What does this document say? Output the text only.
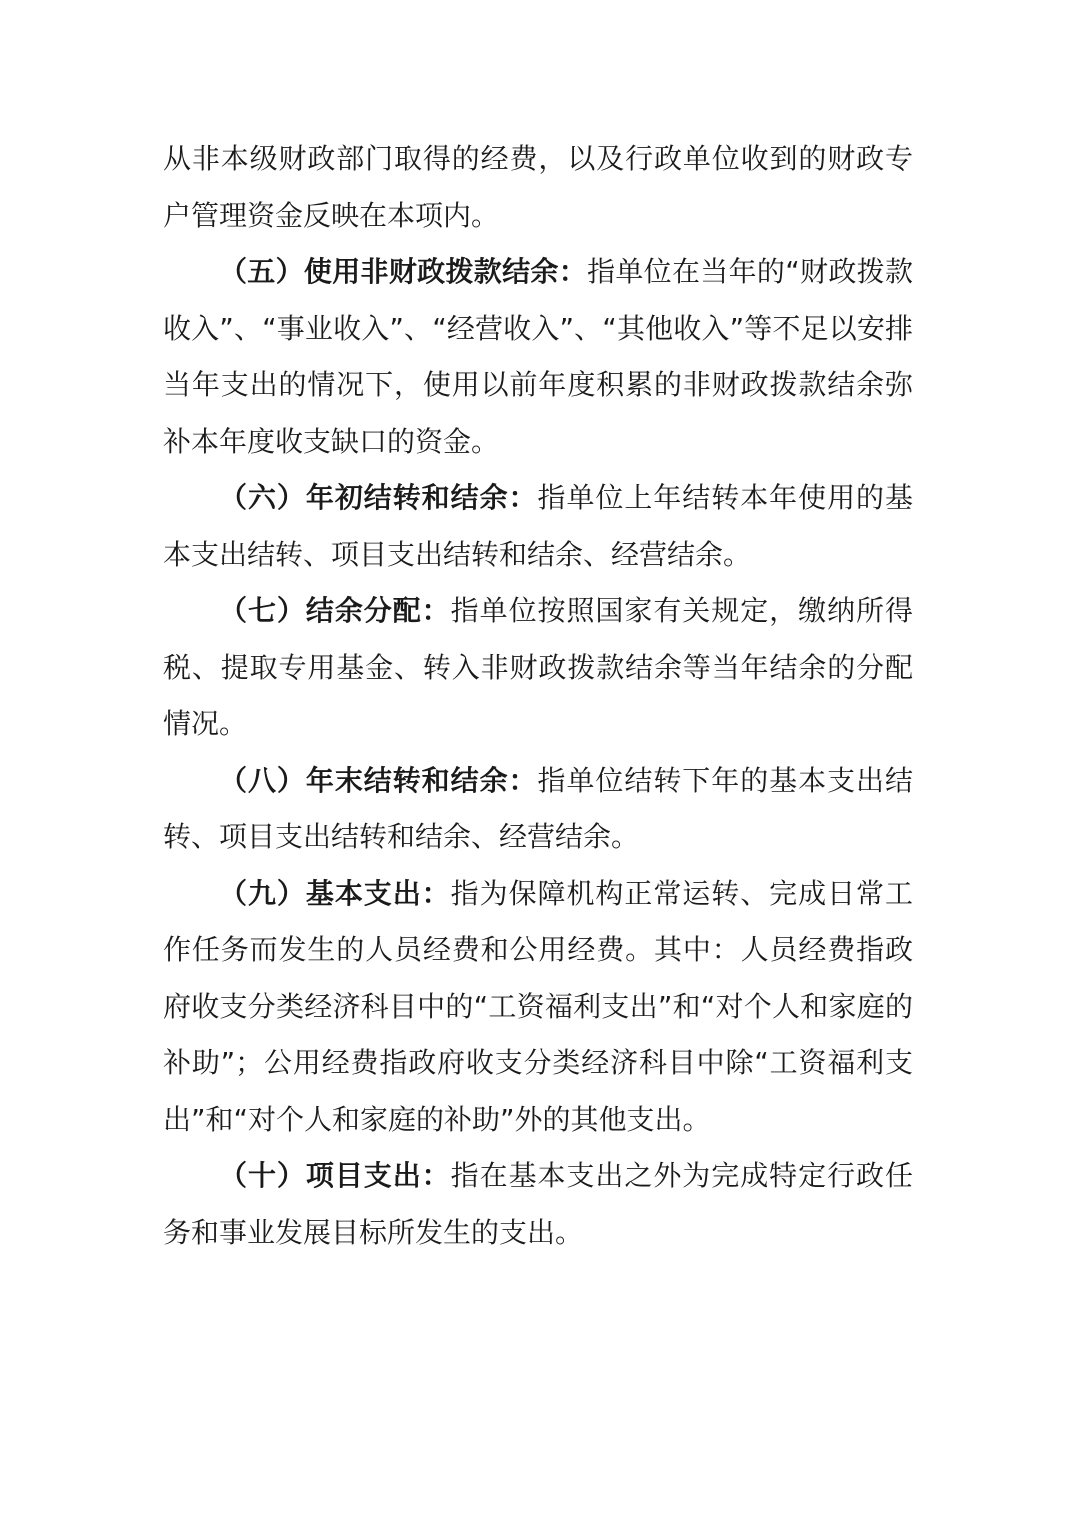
从非本级财政部门取得的经费，以及行政单位收到的财政专户管理资金反映在本项内。

（五）使用非财政拨款结余：指单位在当年的“财政拨款收入”、“事业收入”、“经营收入”、“其他收入”等不足以安排当年支出的情况下，使用以前年度积累的非财政拨款结余弥补本年度收支缺口的资金。

（六）年初结转和结余：指单位上年结转本年使用的基本支出结转、项目支出结转和结余、经营结余。

（七）结余分配：指单位按照国家有关规定，缴纳所得税、提取专用基金、转入非财政拨款结余等当年结余的分配情况。

（八）年末结转和结余：指单位结转下年的基本支出结转、项目支出结转和结余、经营结余。

（九）基本支出：指为保障机构正常运转、完成日常工作任务而发生的人员经费和公用经费。其中：人员经费指政府收支分类经济科目中的“工资福利支出”和“对个人和家庭的补助”；公用经费指政府收支分类经济科目中除“工资福利支出”和“对个人和家庭的补助”外的其他支出。

（十）项目支出：指在基本支出之外为完成特定行政任务和事业发展目标所发生的支出。
